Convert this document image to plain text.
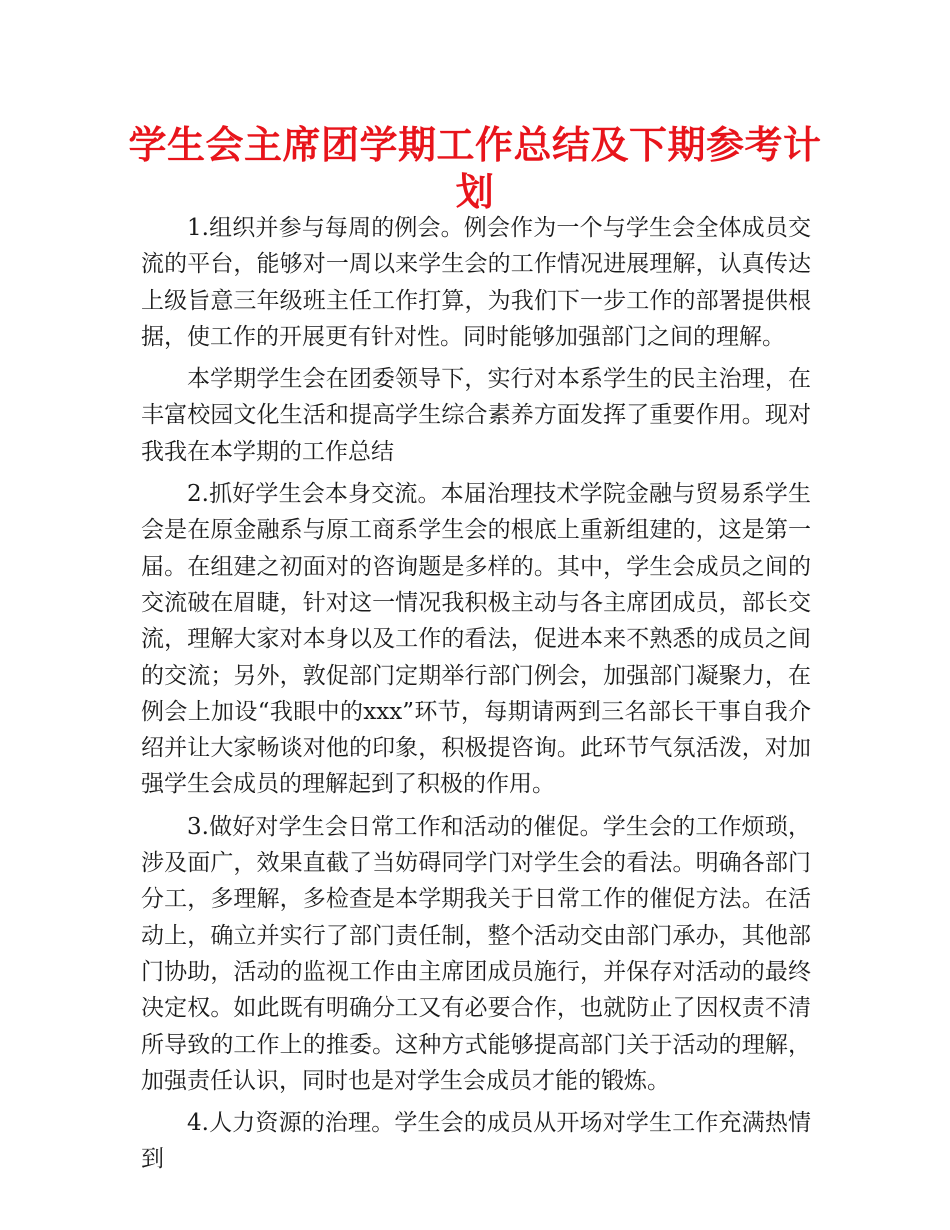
学生会主席团学期工作总结及下期参考计划

1.组织并参与每周的例会。例会作为一个与学生会全体成员交流的平台，能够对一周以来学生会的工作情况进展理解，认真传达上级旨意三年级班主任工作打算，为我们下一步工作的部署提供根据，使工作的开展更有针对性。同时能够加强部门之间的理解。

本学期学生会在团委领导下，实行对本系学生的民主治理，在丰富校园文化生活和提高学生综合素养方面发挥了重要作用。现对我我在本学期的工作总结

2.抓好学生会本身交流。本届治理技术学院金融与贸易系学生会是在原金融系与原工商系学生会的根底上重新组建的，这是第一届。在组建之初面对的咨询题是多样的。其中，学生会成员之间的交流破在眉睫，针对这一情况我积极主动与各主席团成员，部长交流，理解大家对本身以及工作的看法，促进本来不熟悉的成员之间的交流；另外，敦促部门定期举行部门例会，加强部门凝聚力，在例会上加设“我眼中的xxx”环节，每期请两到三名部长干事自我介绍并让大家畅谈对他的印象，积极提咨询。此环节气氛活泼，对加强学生会成员的理解起到了积极的作用。

3.做好对学生会日常工作和活动的催促。学生会的工作烦琐，涉及面广，效果直截了当妨碍同学门对学生会的看法。明确各部门分工，多理解，多检查是本学期我关于日常工作的催促方法。在活动上，确立并实行了部门责任制，整个活动交由部门承办，其他部门协助，活动的监视工作由主席团成员施行，并保存对活动的最终决定权。如此既有明确分工又有必要合作，也就防止了因权责不清所导致的工作上的推委。这种方式能够提高部门关于活动的理解，加强责任认识，同时也是对学生会成员才能的锻炼。

4.人力资源的治理。学生会的成员从开场对学生工作充满热情到
